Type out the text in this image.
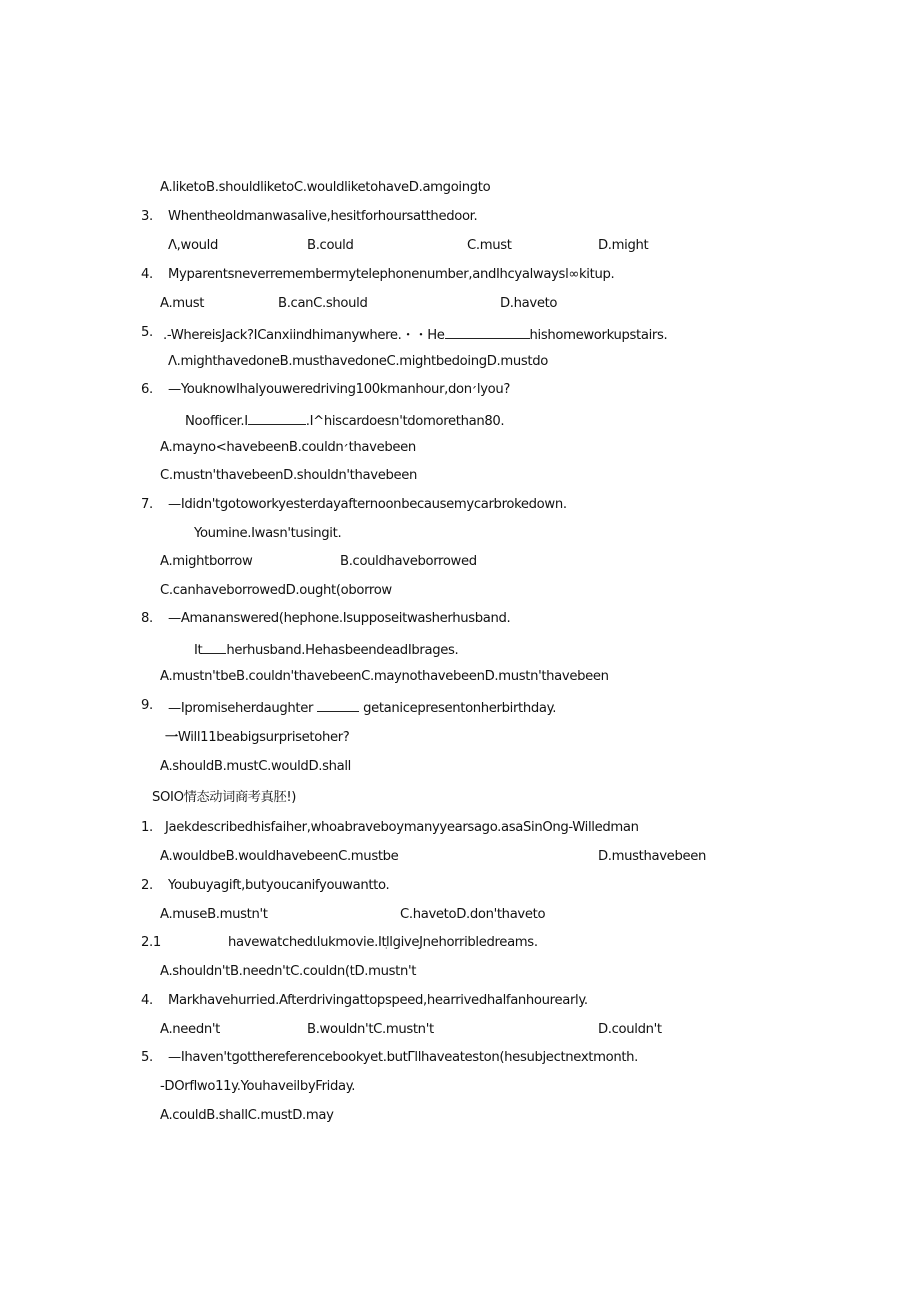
A.liketoB.shouldliketoC.wouldliketohaveD.amgoingto
3. Whentheoldmanwasalive,hesitforhoursatthedoor.
Λ,would	B.could	C.must	D.might
4. Myparentsneverremembermytelephonenumber,andIhcyalwaysl∞kitup.
A.must	B.canC.should	D.haveto
5. .-WhereisJack?ICanxiindhimanywhere.・・He	hishomeworkupstairs.
Λ.mighthavedoneB.musthavedoneC.mightbedoingD.mustdo
6. —YouknowIhalyouweredriving100kmanhour,don׳lyou?
Noofficer.I	.I^hiscardoesn'tdomorethan80.
A.mayno<havebeenB.couldn׳thavebeen
C.mustn'thavebeenD.shouldn'thavebeen
7. —Ididn'tgotoworkyesterdayafternoonbecausemycarbrokedown.
Youmine.Iwasn'tusingit.
A.mightborrow	B.couldhaveborrowed
C.canhaveborrowedD.ought(oborrow
8. —Amananswered(hephone.Isupposeitwasherhusband.
It herhusband.HehasbeendeadIbrages.
A.mustn'tbeB.couldn'thavebeenC.maynothavebeenD.mustn'thavebeen
9. —Ipromiseherdaughter	getanicepresentonherbirthday.
一Will11beabigsurprisetoher?
A.shouldB.mustC.wouldD.shall
SOIO情态动词商考真胚!)
1. Jaekdescribedhisfaiher,whoabraveboymanyyearsago.asaSinOng-Willedman
A.wouldbeB.wouldhavebeenC.mustbe	D.musthavebeen
2. Youbuyagift,butyoucanifyouwantto.
A.museB.mustn't	C.havetoD.don'thaveto
2.1	havewatchedιlukmovie.ItׅllgiveJnehorribledreams.
A.shouldn'tB.needn'tC.couldn(tD.mustn't
4. Markhavehurried.Afterdrivingattopspeed,hearrivedhalfanhourearly.
A.needn't	B.wouldn'tC.mustn't	D.couldn't
5. —Ihaven'tgotthereferencebookyet.butΓllhaveateston(hesubjectnextmonth.
-DOrflwo11y.YouhaveilbyFriday.
A.couldB.shallC.mustD.may
